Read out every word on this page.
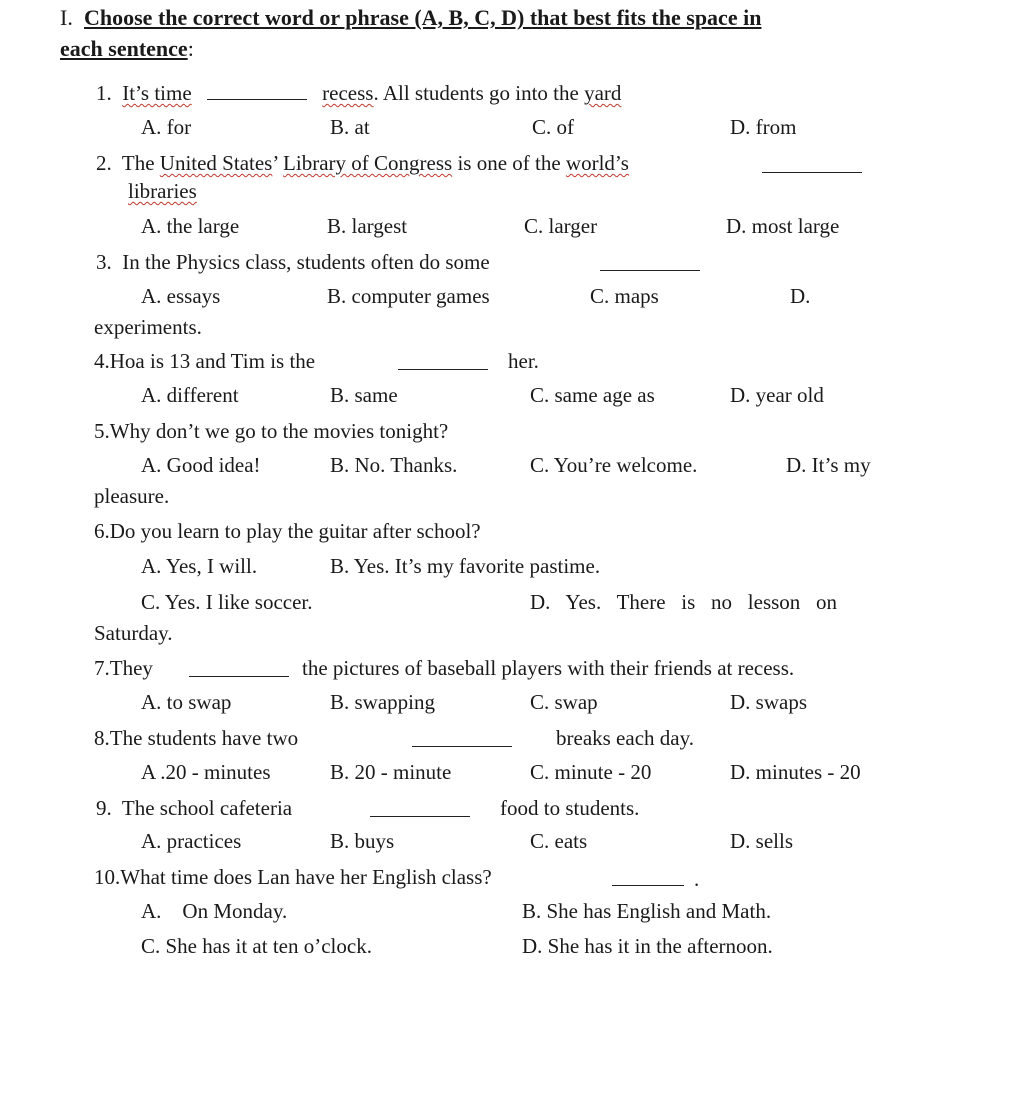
I. Choose the correct word or phrase (A, B, C, D) that best fits the space in
each sentence:
1. It’s time	recess. All students go into the yard
A. for	B. at	C. of	D. from
2. The United States’ Library of Congress is one of the world’s
libraries
A. the large	B. largest	C. larger	D. most large
3. In the Physics class, students often do some
A. essays	B. computer games	C. maps	D.
experiments.
4.Hoa is 13 and Tim is the	her.
A. different	B. same	C. same age as	D. year old
5.Why don’t we go to the movies tonight?
A. Good idea!	B. No. Thanks.	C. You’re welcome.	D. It’s my
pleasure.
6.Do you learn to play the guitar after school?
A. Yes, I will.	B. Yes. It’s my favorite pastime.
C. Yes. I like soccer.	D.   Yes.   There   is   no   lesson   on
Saturday.
7.They	the pictures of baseball players with their friends at recess.
A. to swap	B. swapping	C. swap	D. swaps
8.The students have two	breaks each day.
A .20 - minutes	B. 20 - minute	C. minute - 20	D. minutes - 20
9. The school cafeteria	food to students.
A. practices	B. buys	C. eats	D. sells
10.What time does Lan have her English class?	.
A.    On Monday.	B. She has English and Math.
C. She has it at ten o’clock.	D. She has it in the afternoon.
